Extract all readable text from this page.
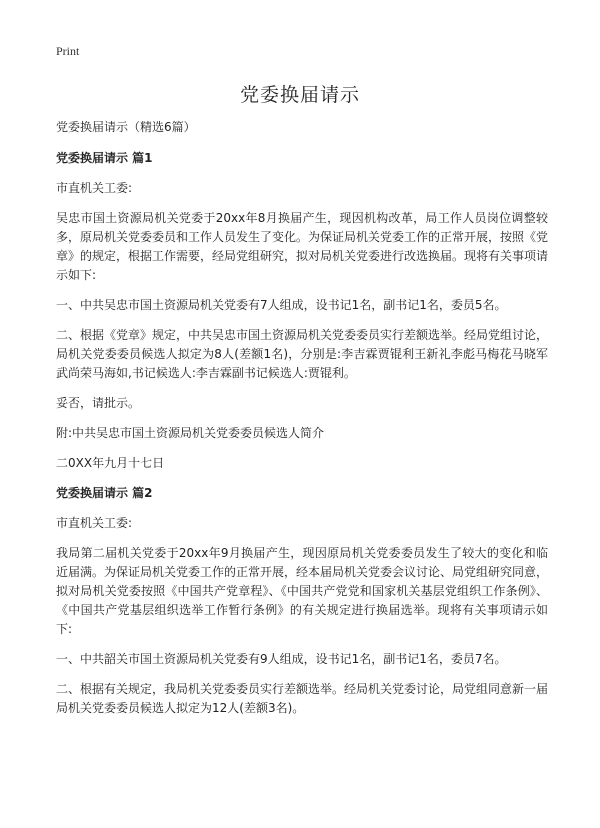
Print
党委换届请示

党委换届请示（精选6篇）

党委换届请示 篇1

市直机关工委:

吴忠市国土资源局机关党委于20xx年8月换届产生，现因机构改革，局工作人员岗位调整较多，原局机关党委委员和工作人员发生了变化。为保证局机关党委工作的正常开展，按照《党章》的规定，根据工作需要，经局党组研究，拟对局机关党委进行改选换届。现将有关事项请示如下:

一、中共吴忠市国土资源局机关党委有7人组成，设书记1名，副书记1名，委员5名。

二、根据《党章》规定，中共吴忠市国土资源局机关党委委员实行差额选举。经局党组讨论，局机关党委委员候选人拟定为8人(差额1名)，分别是:李吉霖贾锟利王新礼李彪马梅花马晓军武尚荣马海如,书记候选人:李吉霖副书记候选人:贾锟利。

妥否，请批示。

附:中共吴忠市国土资源局机关党委委员候选人简介

二0XX年九月十七日

党委换届请示 篇2

市直机关工委:

我局第二届机关党委于20xx年9月换届产生，现因原局机关党委委员发生了较大的变化和临近届满。为保证局机关党委工作的正常开展，经本届局机关党委会议讨论、局党组研究同意，拟对局机关党委按照《中国共产党章程》、《中国共产党党和国家机关基层党组织工作条例》、《中国共产党基层组织选举工作暂行条例》的有关规定进行换届选举。现将有关事项请示如下:

一、中共韶关市国土资源局机关党委有9人组成，设书记1名，副书记1名，委员7名。

二、根据有关规定，我局机关党委委员实行差额选举。经局机关党委讨论，局党组同意新一届局机关党委委员候选人拟定为12人(差额3名)。
